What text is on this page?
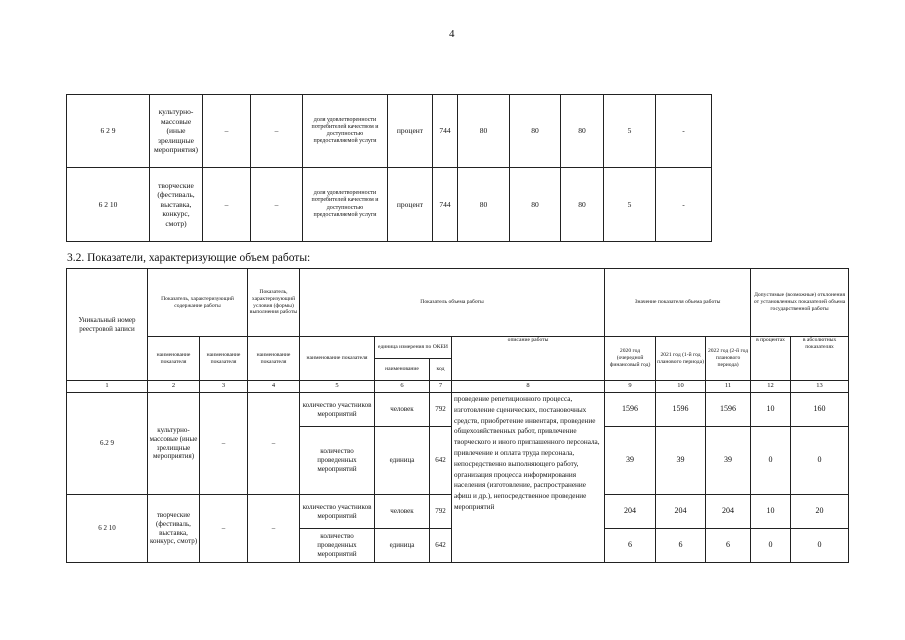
4
6 2 9	культурно-массовые (иные зрелищные мероприятия)	–	–	доля удовлетворенности потребителей качеством и доступностью предоставляемой услуги	процент	744	80	80	80	5	-
6 2 10	творческие (фестиваль, выставка, конкурс, смотр)	–	–	доля удовлетворенности потребителей качеством и доступностью предоставляемой услуги	процент	744	80	80	80	5	-
3.2. Показатели, характеризующие объем работы:
Уникальный номер реестровой записи	Показатель, характеризующий содержание работы		Показатель, характеризующий условия (формы) выполнения работы	Показатель объема работы				Значение показателя объема работы			Допустимые (возможные) отклонения от установленных показателей объема государственной работы	
	наименование показателя	наименование показателя	наименование показателя	наименование показателя	единица измерения по ОКЕИ		описание работы	2020 год (очередной финансовый год)	2021 год (1-й год планового периода)	2022 год (2-й год планового периода)	в процентах	в абсолютных показателях
					наименование	код						
1	2	3	4	5	6	7	8	9	10	11	12	13
6.2 9	культурно-массовые (иные зрелищные мероприятия)	–	–	количество участников мероприятий	человек	792	проведение репетиционного процесса, изготовление сценических, постановочных средств, приобретение инвентаря, проведение общехозяйственных работ, привлечение творческого и иного приглашенного персонала, привлечение и оплата труда персонала, непосредственно выполняющего работу, организация процесса информирования населения (изготовление, распространение афиш и др.), непосредственное проведение мероприятий	1596	1596	1596	10	160
				количество проведенных мероприятий	единица	642		39	39	39	0	0
6 2 10	творческие (фестиваль, выставка, конкурс, смотр)	–	–	количество участников мероприятий	человек	792		204	204	204	10	20
				количество проведенных мероприятий	единица	642		6	6	6	0	0
